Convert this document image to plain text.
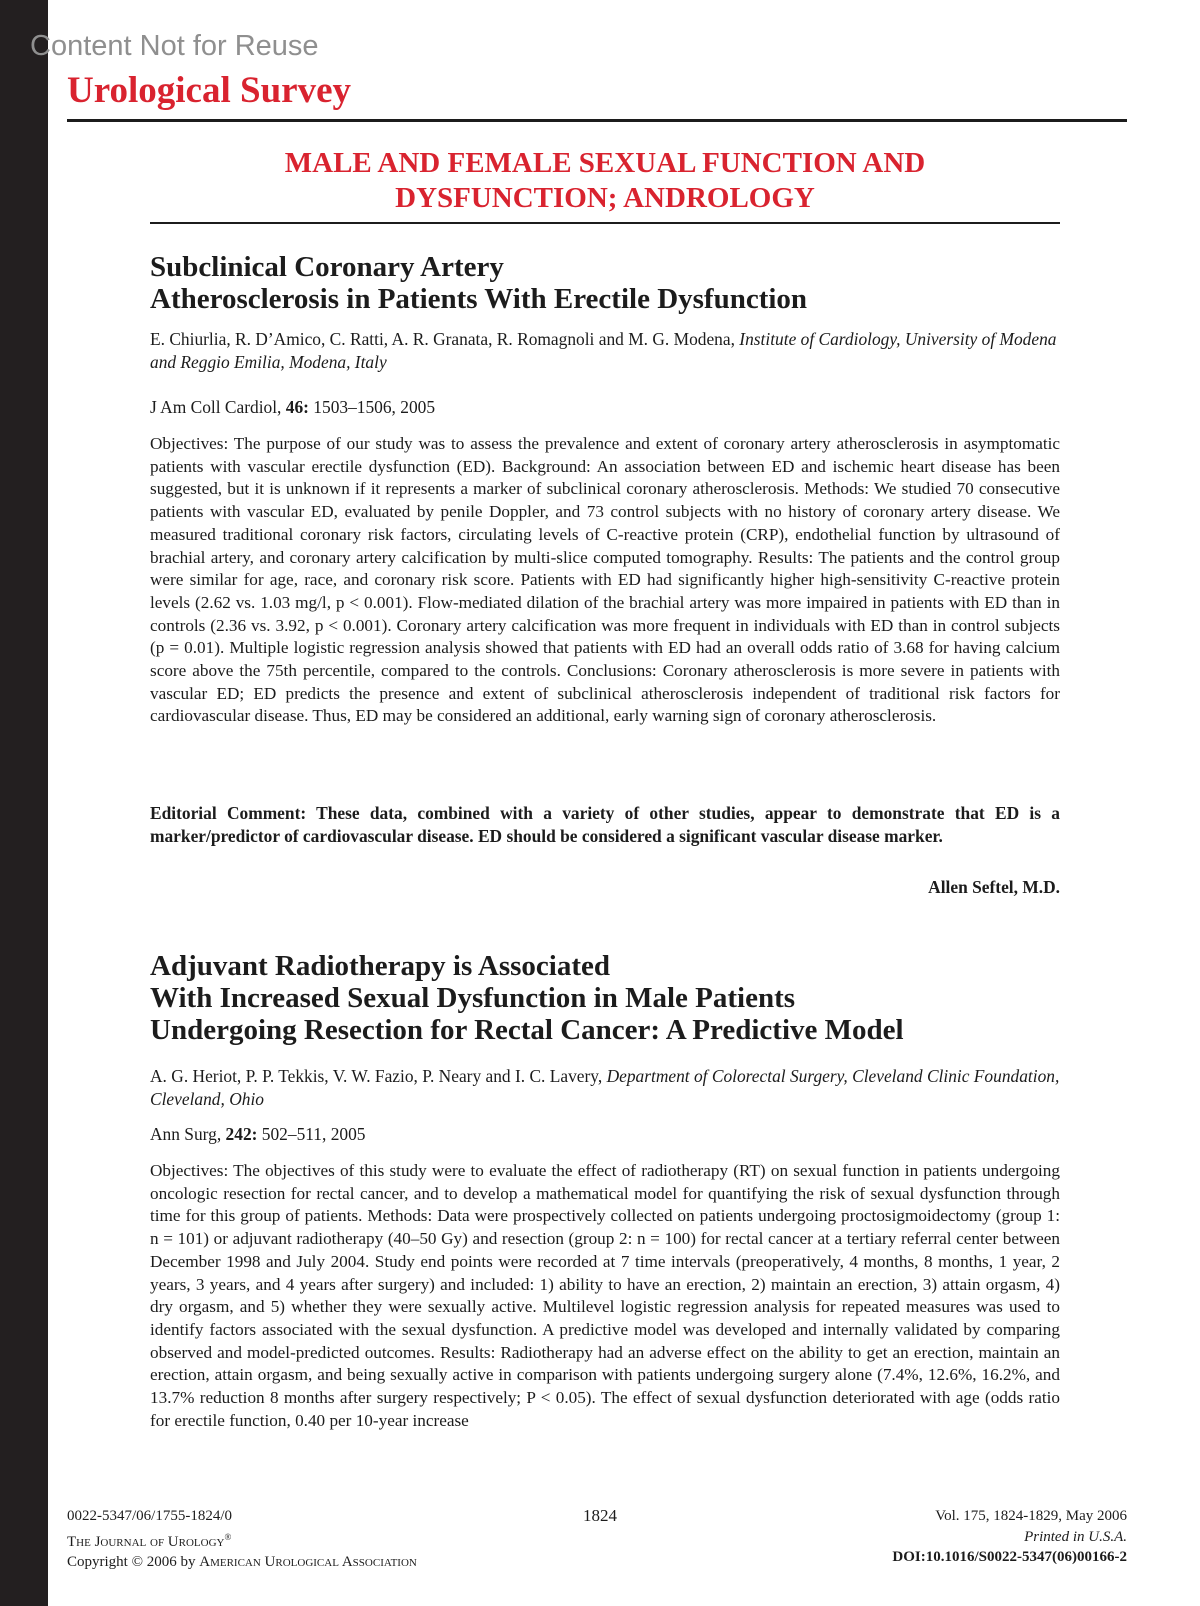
Content Not for Reuse
Urological Survey
MALE AND FEMALE SEXUAL FUNCTION AND
DYSFUNCTION; ANDROLOGY
Subclinical Coronary Artery
Atherosclerosis in Patients With Erectile Dysfunction
E. Chiurlia, R. D’Amico, C. Ratti, A. R. Granata, R. Romagnoli and M. G. Modena, Institute of Cardiology, University of Modena and Reggio Emilia, Modena, Italy
J Am Coll Cardiol, 46: 1503–1506, 2005

Objectives: The purpose of our study was to assess the prevalence and extent of coronary artery atherosclerosis in asymptomatic patients with vascular erectile dysfunction (ED). Background: An association between ED and ischemic heart disease has been suggested, but it is unknown if it represents a marker of subclinical coronary atherosclerosis. Methods: We studied 70 consecutive patients with vascular ED, evaluated by penile Doppler, and 73 control subjects with no history of coronary artery disease. We measured traditional coronary risk factors, circulating levels of C-reactive protein (CRP), endothelial function by ultrasound of brachial artery, and coronary artery calcification by multi-slice computed tomography. Results: The patients and the control group were similar for age, race, and coronary risk score. Patients with ED had significantly higher high-sensitivity C-reactive protein levels (2.62 vs. 1.03 mg/l, p < 0.001). Flow-mediated dilation of the brachial artery was more impaired in patients with ED than in controls (2.36 vs. 3.92, p < 0.001). Coronary artery calcification was more frequent in individuals with ED than in control subjects (p = 0.01). Multiple logistic regression analysis showed that patients with ED had an overall odds ratio of 3.68 for having calcium score above the 75th percentile, compared to the controls. Conclusions: Coronary atherosclerosis is more severe in patients with vascular ED; ED predicts the presence and extent of subclinical atherosclerosis independent of traditional risk factors for cardiovascular disease. Thus, ED may be considered an additional, early warning sign of coronary atherosclerosis.

Editorial Comment: These data, combined with a variety of other studies, appear to demonstrate that ED is a marker/predictor of cardiovascular disease. ED should be considered a significant vascular disease marker.

Allen Seftel, M.D.
Adjuvant Radiotherapy is Associated
With Increased Sexual Dysfunction in Male Patients
Undergoing Resection for Rectal Cancer: A Predictive Model
A. G. Heriot, P. P. Tekkis, V. W. Fazio, P. Neary and I. C. Lavery, Department of Colorectal Surgery, Cleveland Clinic Foundation, Cleveland, Ohio
Ann Surg, 242: 502–511, 2005

Objectives: The objectives of this study were to evaluate the effect of radiotherapy (RT) on sexual function in patients undergoing oncologic resection for rectal cancer, and to develop a mathematical model for quantifying the risk of sexual dysfunction through time for this group of patients. Methods: Data were prospectively collected on patients undergoing proctosigmoidectomy (group 1: n = 101) or adjuvant radiotherapy (40–50 Gy) and resection (group 2: n = 100) for rectal cancer at a tertiary referral center between December 1998 and July 2004. Study end points were recorded at 7 time intervals (preoperatively, 4 months, 8 months, 1 year, 2 years, 3 years, and 4 years after surgery) and included: 1) ability to have an erection, 2) maintain an erection, 3) attain orgasm, 4) dry orgasm, and 5) whether they were sexually active. Multilevel logistic regression analysis for repeated measures was used to identify factors associated with the sexual dysfunction. A predictive model was developed and internally validated by comparing observed and model-predicted outcomes. Results: Radiotherapy had an adverse effect on the ability to get an erection, maintain an erection, attain orgasm, and being sexually active in comparison with patients undergoing surgery alone (7.4%, 12.6%, 16.2%, and 13.7% reduction 8 months after surgery respectively; P < 0.05). The effect of sexual dysfunction deteriorated with age (odds ratio for erectile function, 0.40 per 10-year increase

0022-5347/06/1755-1824/0
The Journal of Urology®
Copyright © 2006 by American Urological Association
1824	Vol. 175, 1824-1829, May 2006
Printed in U.S.A.
DOI:10.1016/S0022-5347(06)00166-2
